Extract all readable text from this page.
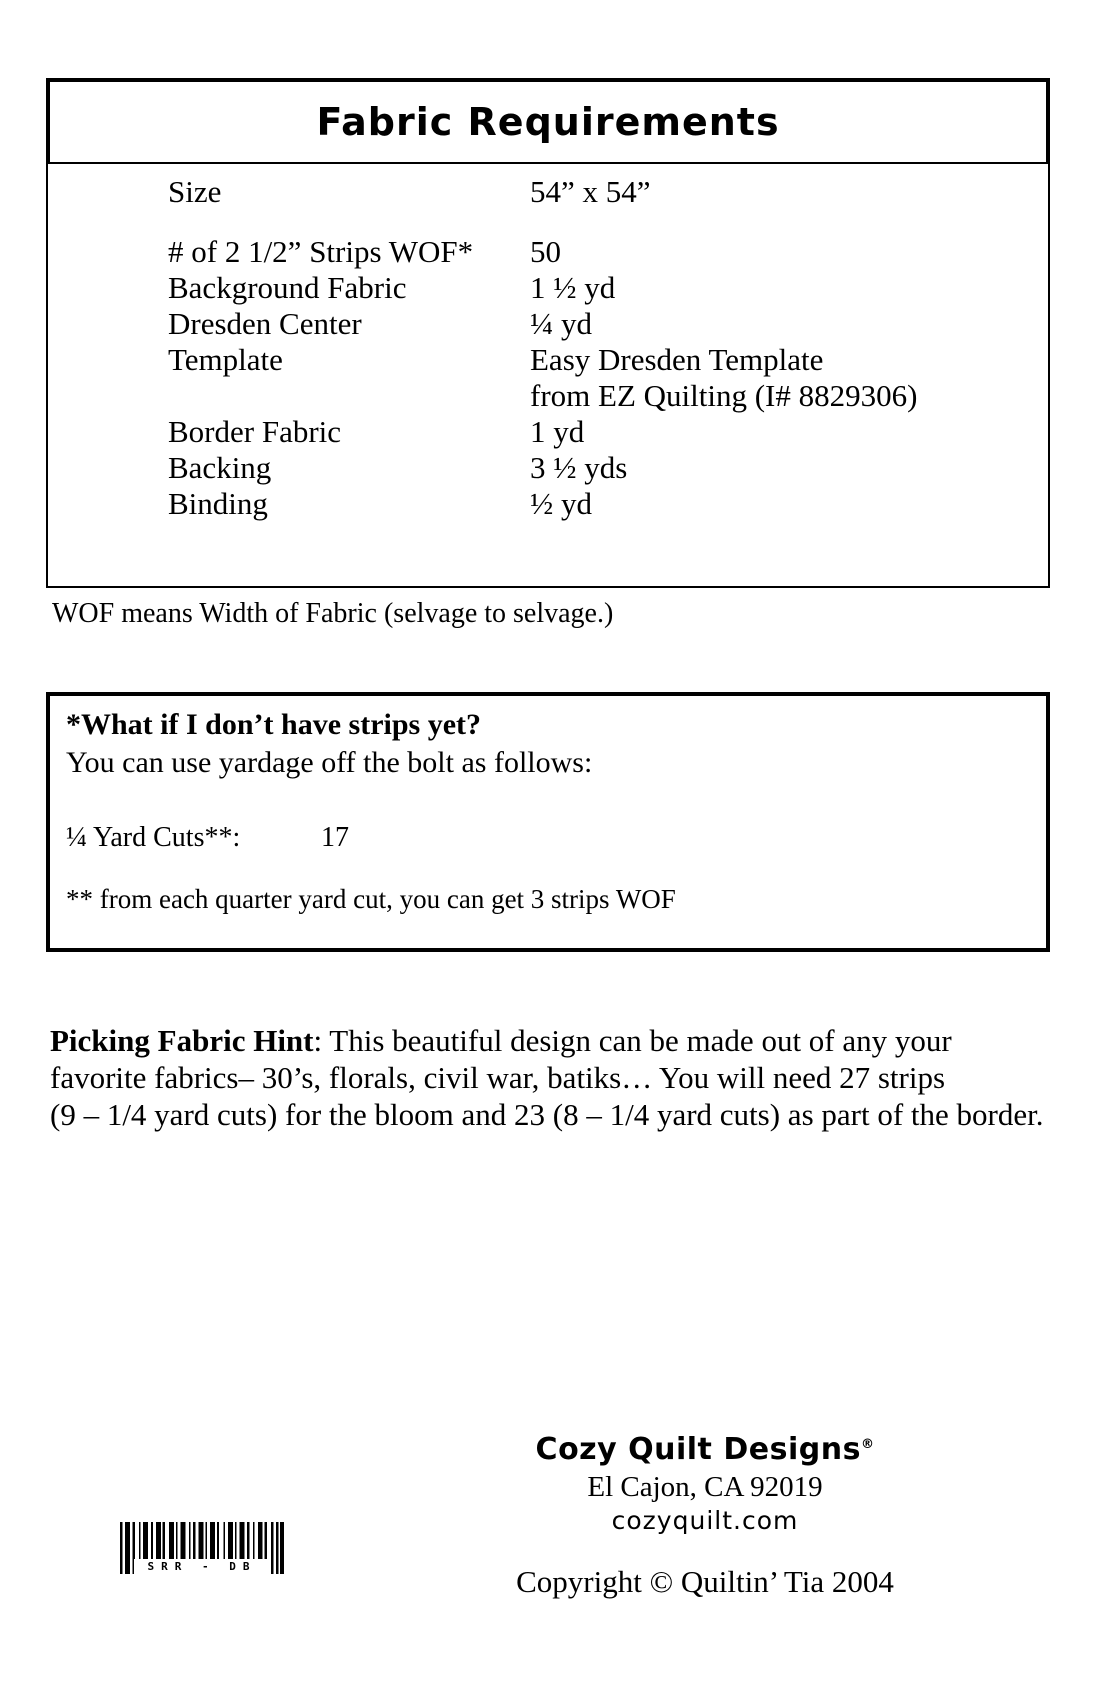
Fabric Requirements
Size	54” x 54”
# of 2 1/2” Strips WOF*	50
Background Fabric	1 ½ yd
Dresden Center	¼ yd
Template	Easy Dresden Template
from EZ Quilting (I# 8829306)
Border Fabric	1 yd
Backing	3 ½ yds
Binding	½ yd
WOF means Width of Fabric (selvage to selvage.)
*What if I don’t have strips yet?
You can use yardage off the bolt as follows:
¼ Yard Cuts**:	17
** from each quarter yard cut, you can get 3 strips WOF
Picking Fabric Hint: This beautiful design can be made out of any your
favorite fabrics– 30’s, florals, civil war, batiks… You will need 27 strips
(9 – 1/4 yard cuts) for the bloom and 23 (8 – 1/4 yard cuts) as part of the border.
Cozy Quilt Designs®
El Cajon, CA 92019
cozyquilt.com
Copyright © Quiltin’ Tia 2004
SRR - DB
